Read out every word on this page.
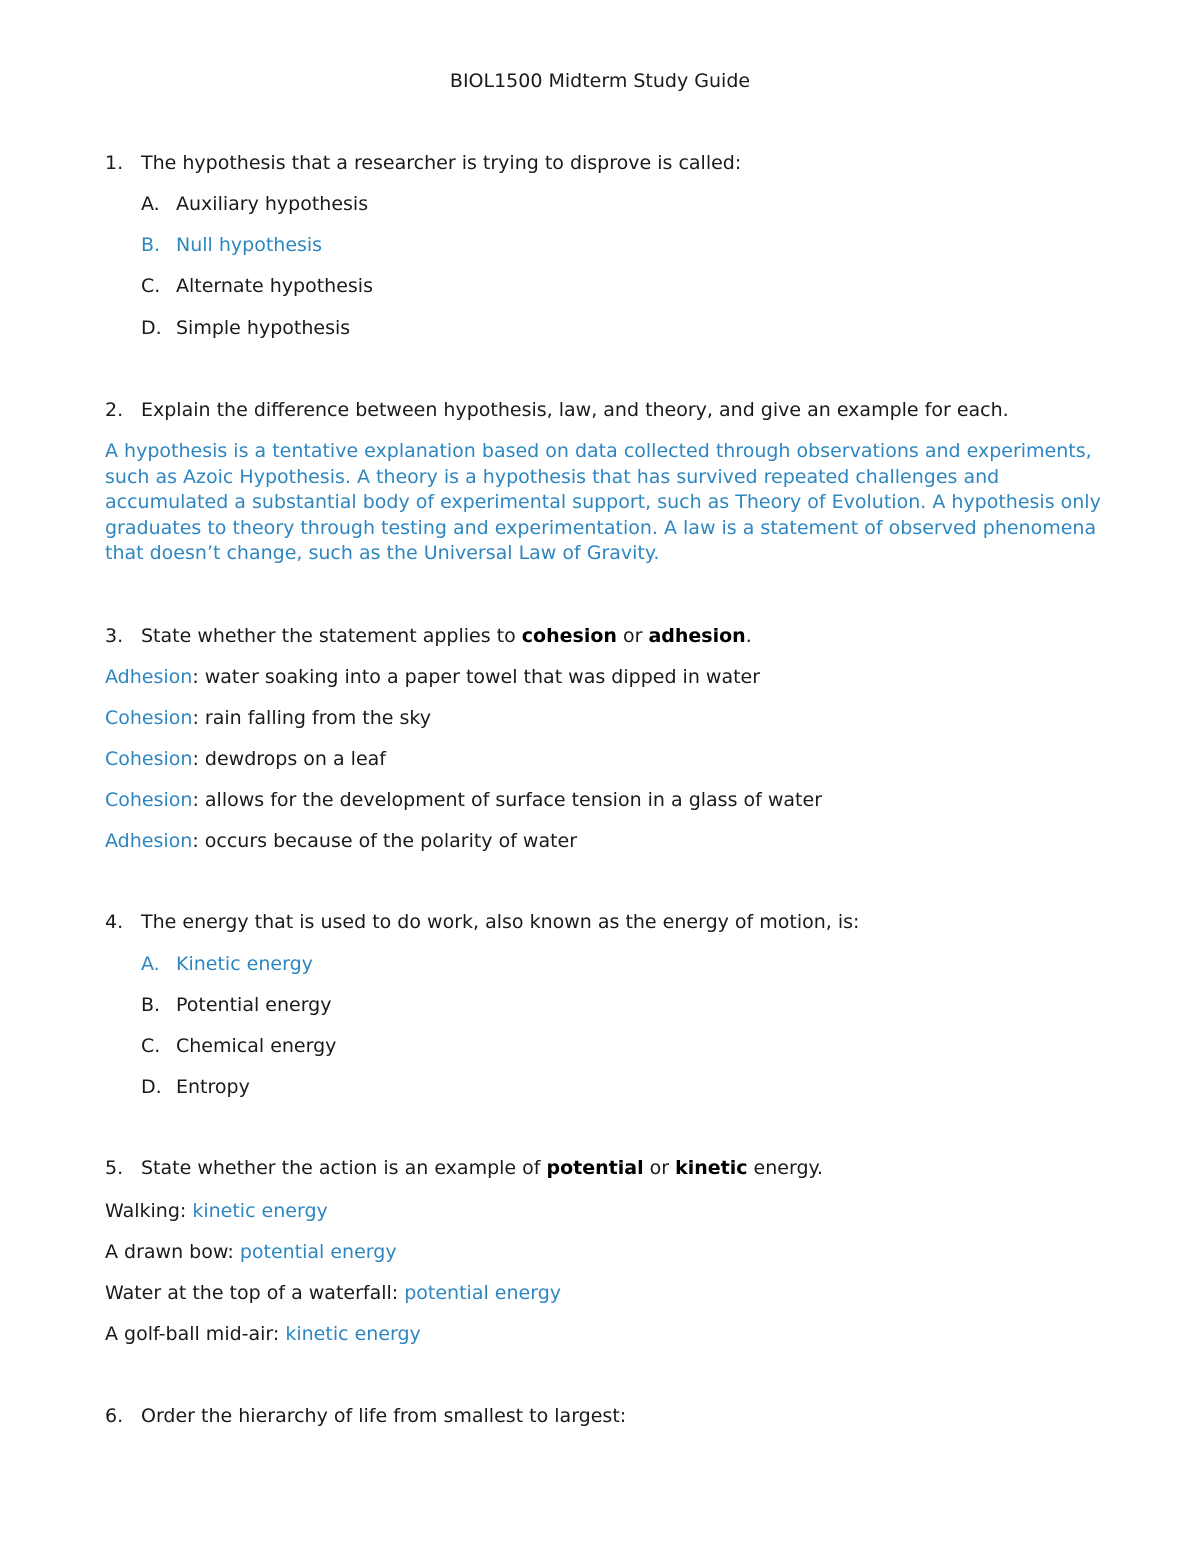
BIOL1500 Midterm Study Guide
1. The hypothesis that a researcher is trying to disprove is called:
A. Auxiliary hypothesis
B. Null hypothesis
C. Alternate hypothesis
D. Simple hypothesis
2. Explain the difference between hypothesis, law, and theory, and give an example for each.
A hypothesis is a tentative explanation based on data collected through observations and experiments,
such as Azoic Hypothesis. A theory is a hypothesis that has survived repeated challenges and
accumulated a substantial body of experimental support, such as Theory of Evolution. A hypothesis only
graduates to theory through testing and experimentation. A law is a statement of observed phenomena
that doesn’t change, such as the Universal Law of Gravity.
3. State whether the statement applies to cohesion or adhesion.
Adhesion: water soaking into a paper towel that was dipped in water
Cohesion: rain falling from the sky
Cohesion: dewdrops on a leaf
Cohesion: allows for the development of surface tension in a glass of water
Adhesion: occurs because of the polarity of water
4. The energy that is used to do work, also known as the energy of motion, is:
A. Kinetic energy
B. Potential energy
C. Chemical energy
D. Entropy
5. State whether the action is an example of potential or kinetic energy.
Walking: kinetic energy
A drawn bow: potential energy
Water at the top of a waterfall: potential energy
A golf-ball mid-air: kinetic energy
6. Order the hierarchy of life from smallest to largest:
